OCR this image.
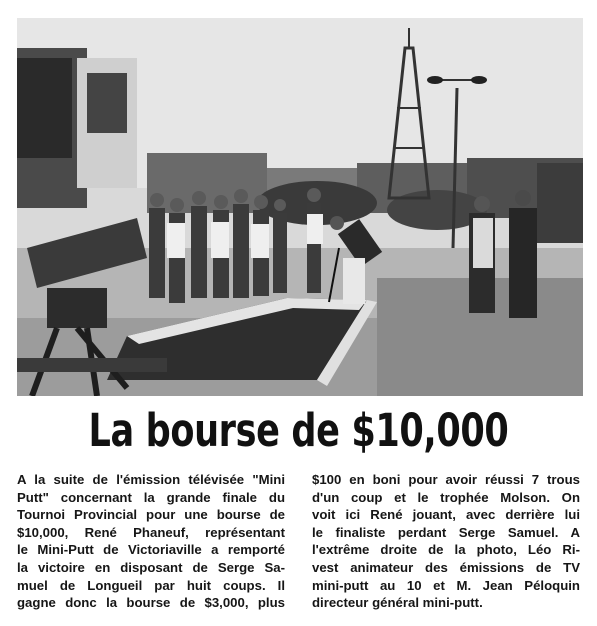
La bourse de $10,000
A la suite de l'émission télévisée "Mini
Putt" concernant la grande finale du
Tournoi Provincial pour une bourse de
$10,000, René Phaneuf, représentant
le Mini-Putt de Victoriaville a remporté
la victoire en disposant de Serge Sa-
muel de Longueil par huit coups. Il
gagne donc la bourse de $3,000, plus
$100 en boni pour avoir réussi 7 trous
d'un coup et le trophée Molson. On
voit ici René jouant, avec derrière lui
le finaliste perdant Serge Samuel. A
l'extrême droite de la photo, Léo Ri-
vest animateur des émissions de TV
mini-putt au 10 et M. Jean Péloquin
directeur général mini-putt.
